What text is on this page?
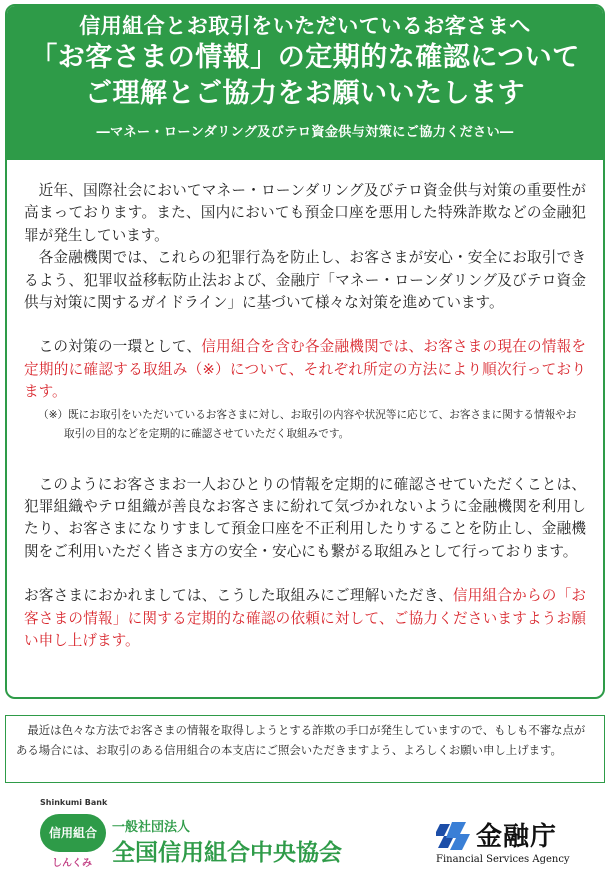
信用組合とお取引をいただいているお客さまへ
「お客さまの情報」の定期的な確認について
ご理解とご協力をお願いいたします
―マネー・ローンダリング及びテロ資金供与対策にご協力ください―

近年、国際社会においてマネー・ローンダリング及びテロ資金供与対策の重要性が高まっております。また、国内においても預金口座を悪用した特殊詐欺などの金融犯罪が発生しています。

各金融機関では、これらの犯罪行為を防止し、お客さまが安心・安全にお取引できるよう、犯罪収益移転防止法および、金融庁「マネー・ローンダリング及びテロ資金供与対策に関するガイドライン」に基づいて様々な対策を進めています。

この対策の一環として、信用組合を含む各金融機関では、お客さまの現在の情報を定期的に確認する取組み（※）について、それぞれ所定の方法により順次行っております。

（※）既にお取引をいただいているお客さまに対し、お取引の内容や状況等に応じて、お客さまに関する情報やお取引の目的などを定期的に確認させていただく取組みです。

このようにお客さまお一人おひとりの情報を定期的に確認させていただくことは、犯罪組織やテロ組織が善良なお客さまに紛れて気づかれないように金融機関を利用したり、お客さまになりすまして預金口座を不正利用したりすることを防止し、金融機関をご利用いただく皆さま方の安全・安心にも繋がる取組みとして行っております。

お客さまにおかれましては、こうした取組みにご理解いただき、信用組合からの「お客さまの情報」に関する定期的な確認の依頼に対して、ご協力くださいますようお願い申し上げます。

最近は色々な方法でお客さまの情報を取得しようとする詐欺の手口が発生していますので、もしも不審な点がある場合には、お取引のある信用組合の本支店にご照会いただきますよう、よろしくお願い申し上げます。
Shinkumi Bank
信用組合
しんくみ
一般社団法人
全国信用組合中央協会
金融庁
Financial Services Agency
